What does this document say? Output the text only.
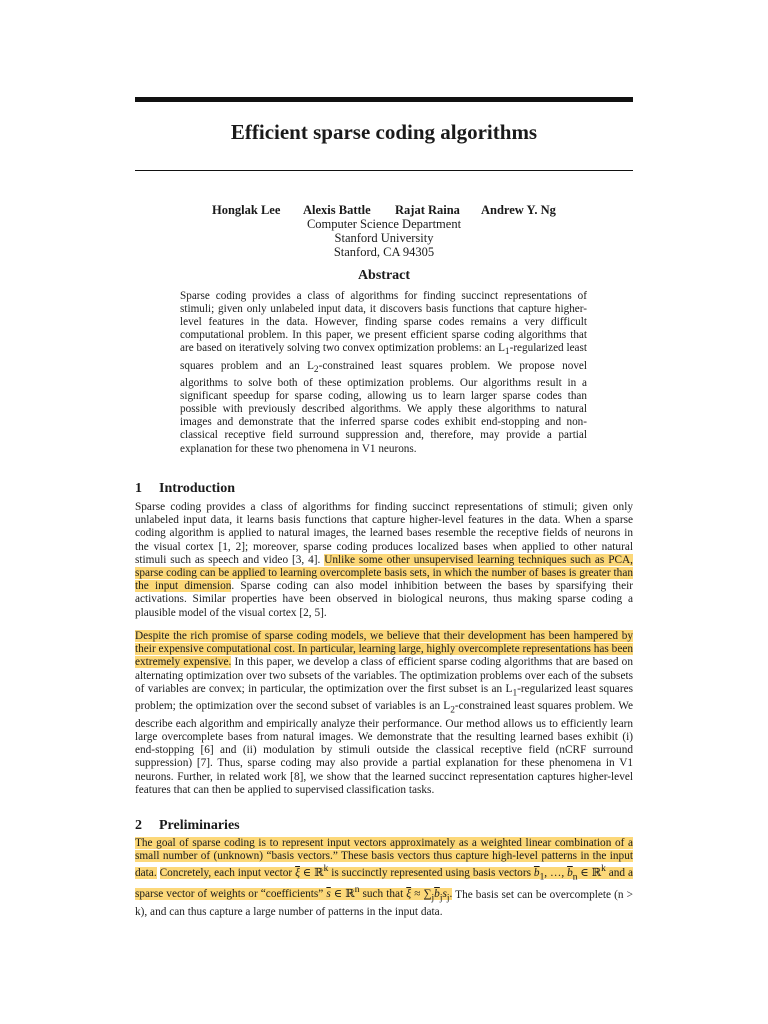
Efficient sparse coding algorithms
Honglak Lee Alexis Battle Rajat Raina Andrew Y. Ng
Computer Science Department
Stanford University
Stanford, CA 94305
Abstract

Sparse coding provides a class of algorithms for finding succinct representations of stimuli; given only unlabeled input data, it discovers basis functions that capture higher-level features in the data. However, finding sparse codes remains a very difficult computational problem. In this paper, we present efficient sparse coding algorithms that are based on iteratively solving two convex optimization problems: an $L_1$-regularized least squares problem and an $L_2$-constrained least squares problem. We propose novel algorithms to solve both of these optimization problems. Our algorithms result in a significant speedup for sparse coding, allowing us to learn larger sparse codes than possible with previously described algorithms. We apply these algorithms to natural images and demonstrate that the inferred sparse codes exhibit end-stopping and non-classical receptive field surround suppression and, therefore, may provide a partial explanation for these two phenomena in V1 neurons.

1 Introduction

Sparse coding provides a class of algorithms for finding succinct representations of stimuli; given only unlabeled input data, it learns basis functions that capture higher-level features in the data. When a sparse coding algorithm is applied to natural images, the learned bases resemble the receptive fields of neurons in the visual cortex [1, 2]; moreover, sparse coding produces localized bases when applied to other natural stimuli such as speech and video [3, 4]. Unlike some other unsupervised learning techniques such as PCA, sparse coding can be applied to learning overcomplete basis sets, in which the number of bases is greater than the input dimension. Sparse coding can also model inhibition between the bases by sparsifying their activations. Similar properties have been observed in biological neurons, thus making sparse coding a plausible model of the visual cortex [2, 5].

Despite the rich promise of sparse coding models, we believe that their development has been hampered by their expensive computational cost. In particular, learning large, highly overcomplete representations has been extremely expensive. In this paper, we develop a class of efficient sparse coding algorithms that are based on alternating optimization over two subsets of the variables. The optimization problems over each of the subsets of variables are convex; in particular, the optimization over the first subset is an $L_1$-regularized least squares problem; the optimization over the second subset of variables is an $L_2$-constrained least squares problem. We describe each algorithm and empirically analyze their performance. Our method allows us to efficiently learn large overcomplete bases from natural images. We demonstrate that the resulting learned bases exhibit (i) end-stopping [6] and (ii) modulation by stimuli outside the classical receptive field (nCRF surround suppression) [7]. Thus, sparse coding may also provide a partial explanation for these phenomena in V1 neurons. Further, in related work [8], we show that the learned succinct representation captures higher-level features that can then be applied to supervised classification tasks.

2 Preliminaries

The goal of sparse coding is to represent input vectors approximately as a weighted linear combination of a small number of (unknown) “basis vectors.” These basis vectors thus capture high-level patterns in the input data. Concretely, each input vector $\overline{\xi}$ ∈ ℝ$^k$ is succinctly represented using basis vectors $\overline{b}_1$, …, $\overline{b}_n$ ∈ ℝ$^k$ and a sparse vector of weights or “coefficients” $\overline{s}$ ∈ ℝ$^n$ such that $\overline{\xi} \approx \sum_j\overline{b}_js_j$. The basis set can be overcomplete (n > k), and can thus capture a large number of patterns in the input data.
